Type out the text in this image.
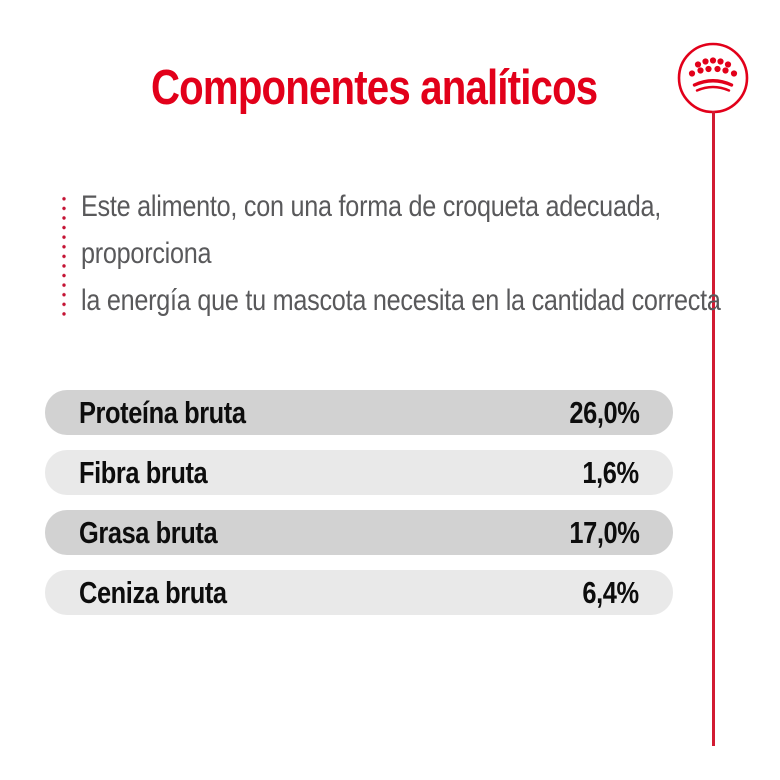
Componentes analíticos
Este alimento, con una forma de croqueta adecuada,
proporciona
la energía que tu mascota necesita en la cantidad correcta
Proteína bruta	26,0%
Fibra bruta	1,6%
Grasa bruta	17,0%
Ceniza bruta	6,4%
